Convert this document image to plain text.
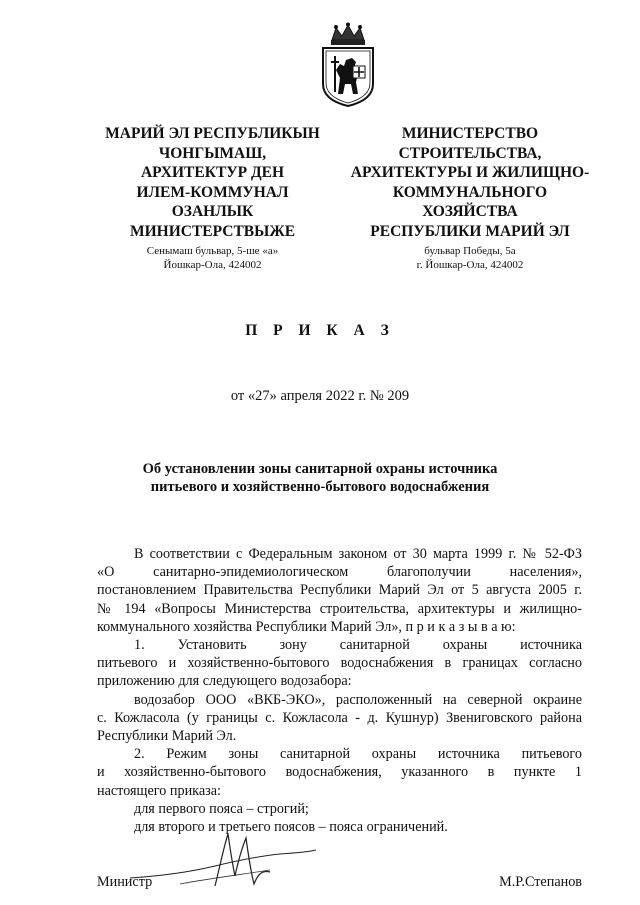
МАРИЙ ЭЛ РЕСПУБЛИКЫН
ЧОНГЫМАШ,
АРХИТЕКТУР ДЕН
ИЛЕМ-КОММУНАЛ
ОЗАНЛЫК
МИНИСТЕРСТВЫЖЕ
МИНИСТЕРСТВО
СТРОИТЕЛЬСТВА,
АРХИТЕКТУРЫ И ЖИЛИЩНО-
КОММУНАЛЬНОГО
ХОЗЯЙСТВА
РЕСПУБЛИКИ МАРИЙ ЭЛ
Сенымаш бульвар, 5-ше «а»
Йошкар-Ола, 424002
бульвар Победы, 5а
г. Йошкар-Ола, 424002
П Р И К А З
от «27» апреля 2022 г. № 209
Об установлении зоны санитарной охраны источника
питьевого и хозяйственно-бытового водоснабжения
В соответствии с Федеральным законом от 30 марта 1999 г. № 52-ФЗ
«О санитарно-эпидемиологическом благополучии населения»,
постановлением Правительства Республики Марий Эл от 5 августа 2005 г.
№ 194 «Вопросы Министерства строительства, архитектуры и жилищно-
коммунального хозяйства Республики Марий Эл», п р и к а з ы в а ю:
1. Установить зону санитарной охраны источника
питьевого и хозяйственно-бытового водоснабжения в границах согласно
приложению для следующего водозабора:
водозабор ООО «ВКБ-ЭКО», расположенный на северной окраине
с. Кожласола (у границы с. Кожласола - д. Кушнур) Звениговского района
Республики Марий Эл.
2. Режим зоны санитарной охраны источника питьевого
и хозяйственно-бытового водоснабжения, указанного в пункте 1
настоящего приказа:
для первого пояса – строгий;
для второго и третьего поясов – пояса ограничений.
Министр	М.Р.Степанов
